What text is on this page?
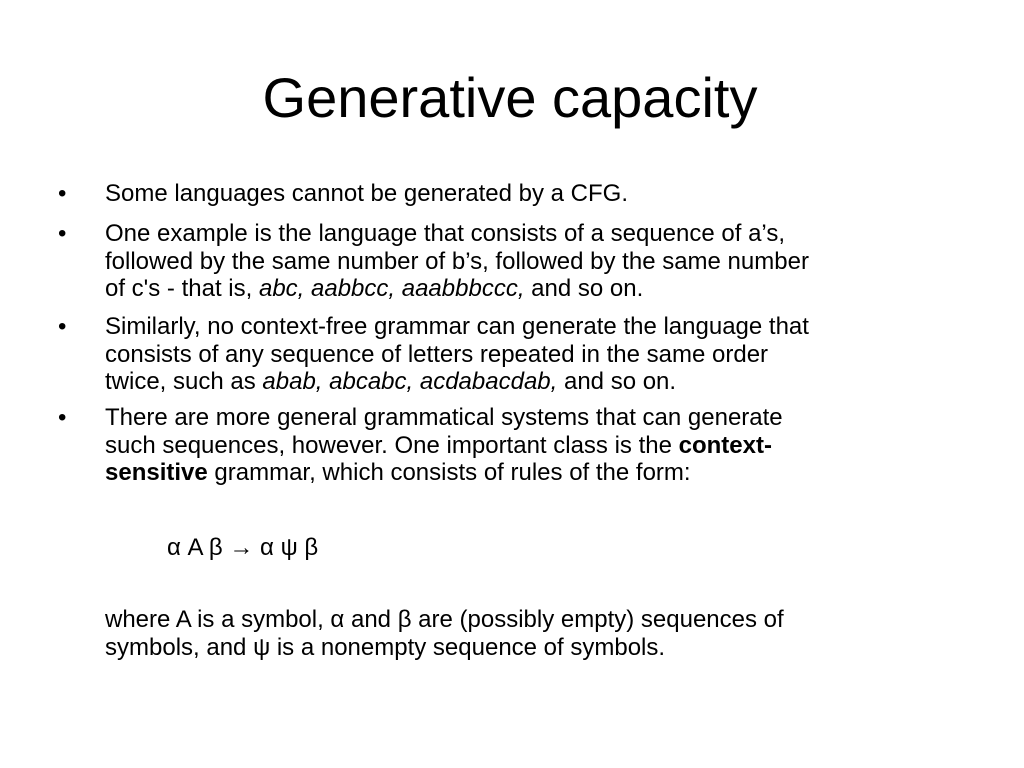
Generative capacity
• Some languages cannot be generated by a CFG.
• One example is the language that consists of a sequence of a’s,
followed by the same number of b’s, followed by the same number
of c's - that is, abc, aabbcc, aaabbbccc, and so on.
• Similarly, no context-free grammar can generate the language that
consists of any sequence of letters repeated in the same order
twice, such as abab, abcabc, acdabacdab, and so on.
• There are more general grammatical systems that can generate
such sequences, however. One important class is the context-
sensitive grammar, which consists of rules of the form:
α A β → α ψ β
where A is a symbol, α and β are (possibly empty) sequences of
symbols, and ψ is a nonempty sequence of symbols.
